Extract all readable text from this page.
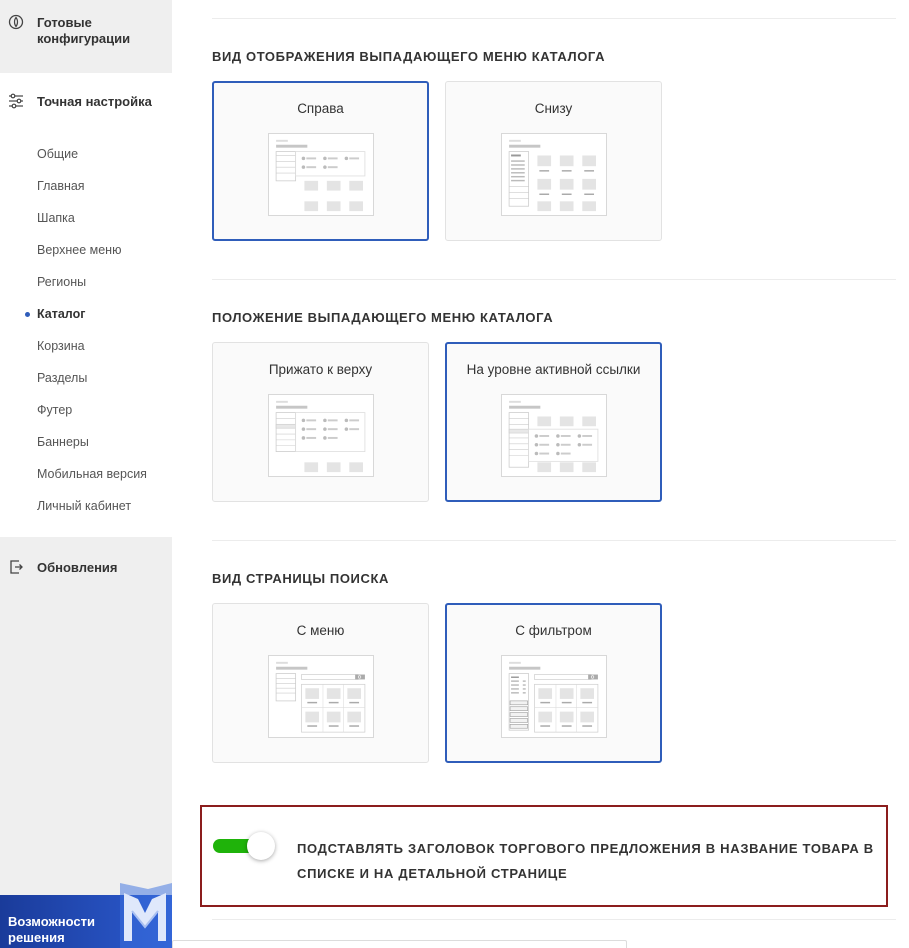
Готовые конфигурации
Точная настройка
Общие
Главная
Шапка
Верхнее меню
Регионы
Каталог
Корзина
Разделы
Футер
Баннеры
Мобильная версия
Личный кабинет
Обновления
Возможности решения
ВИД ОТОБРАЖЕНИЯ ВЫПАДАЮЩЕГО МЕНЮ КАТАЛОГА
Справа	Снизу
ПОЛОЖЕНИЕ ВЫПАДАЮЩЕГО МЕНЮ КАТАЛОГА
Прижато к верху	На уровне активной ссылки
ВИД СТРАНИЦЫ ПОИСКА
С меню	С фильтром
ПОДСТАВЛЯТЬ ЗАГОЛОВОК ТОРГОВОГО ПРЕДЛОЖЕНИЯ В НАЗВАНИЕ ТОВАРА В СПИСКЕ И НА ДЕТАЛЬНОЙ СТРАНИЦЕ
